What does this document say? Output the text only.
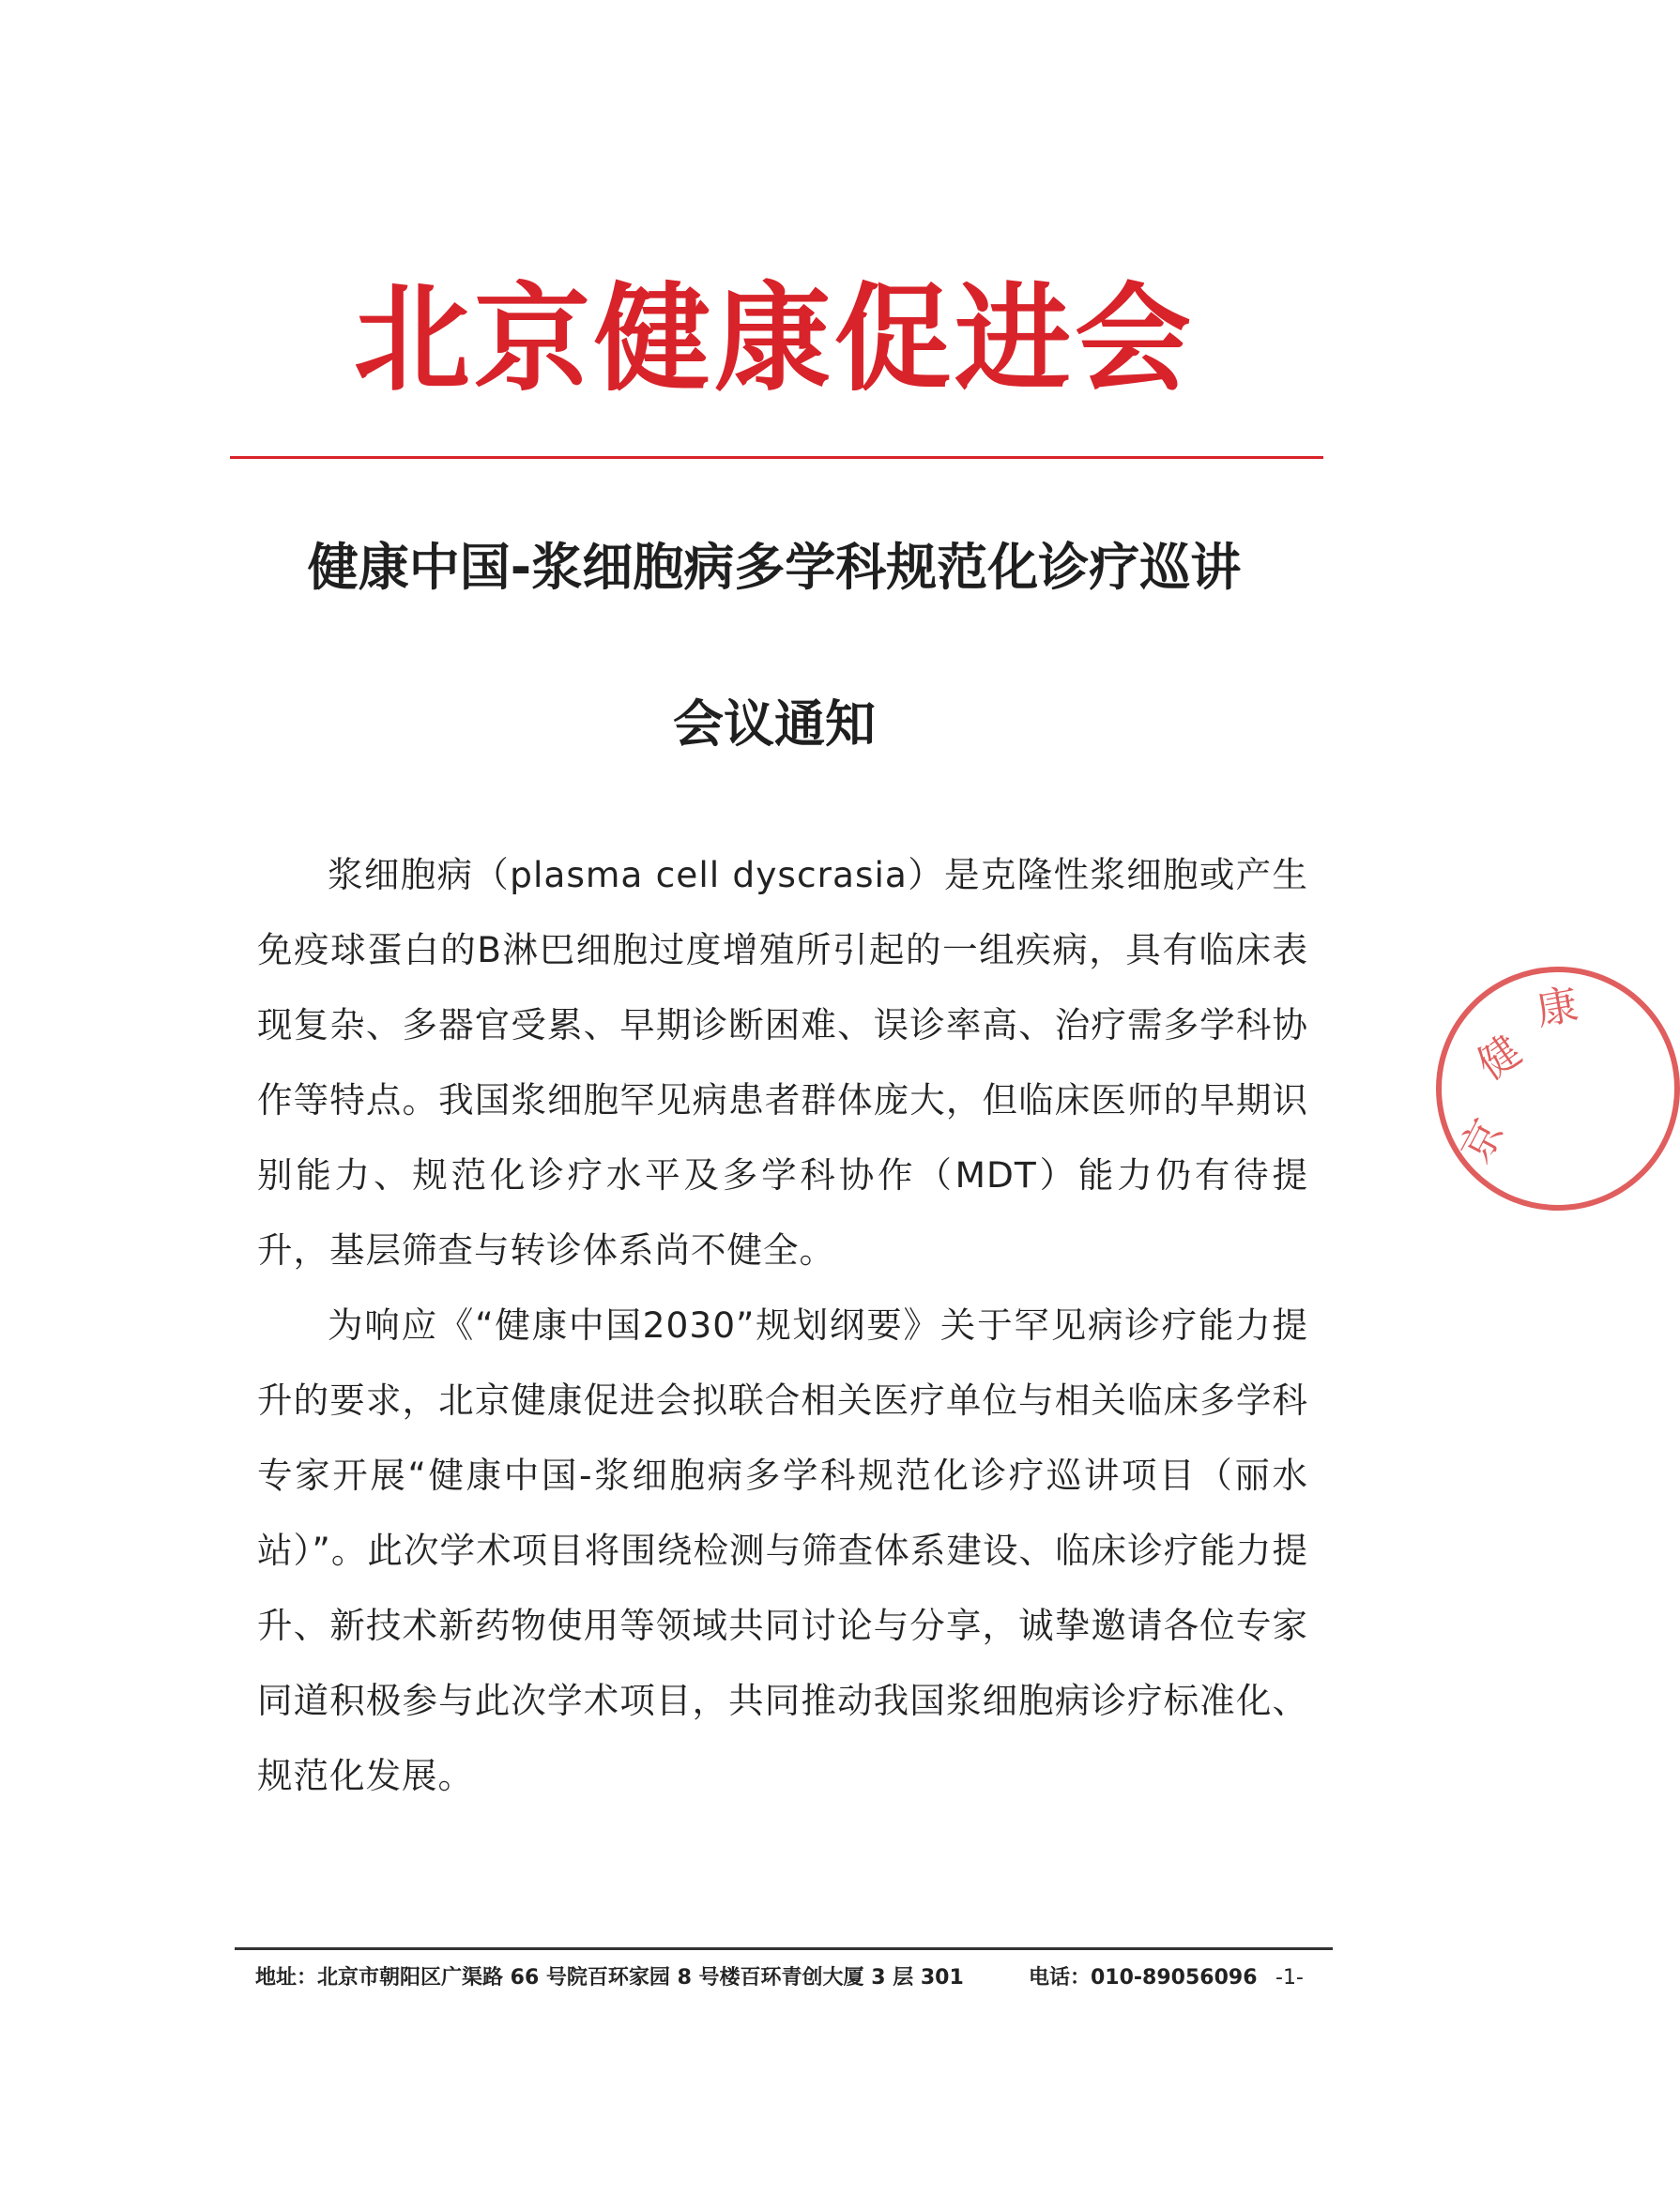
北京健康促进会
健康中国-浆细胞病多学科规范化诊疗巡讲
会议通知

浆细胞病（plasma cell dyscrasia）是克隆性浆细胞或产生免疫球蛋白的B淋巴细胞过度增殖所引起的一组疾病，具有临床表现复杂、多器官受累、早期诊断困难、误诊率高、治疗需多学科协作等特点。我国浆细胞罕见病患者群体庞大，但临床医师的早期识别能力、规范化诊疗水平及多学科协作（MDT）能力仍有待提升，基层筛查与转诊体系尚不健全。

为响应《“健康中国2030”规划纲要》关于罕见病诊疗能力提升的要求，北京健康促进会拟联合相关医疗单位与相关临床多学科专家开展“健康中国-浆细胞病多学科规范化诊疗巡讲项目（丽水站）”。此次学术项目将围绕检测与筛查体系建设、临床诊疗能力提升、新技术新药物使用等领域共同讨论与分享，诚挚邀请各位专家同道积极参与此次学术项目，共同推动我国浆细胞病诊疗标准化、规范化发展。

京
健
康
地址：北京市朝阳区广渠路 66 号院百环家园 8 号楼百环青创大厦 3 层 301	电话：010-89056096 -1-
